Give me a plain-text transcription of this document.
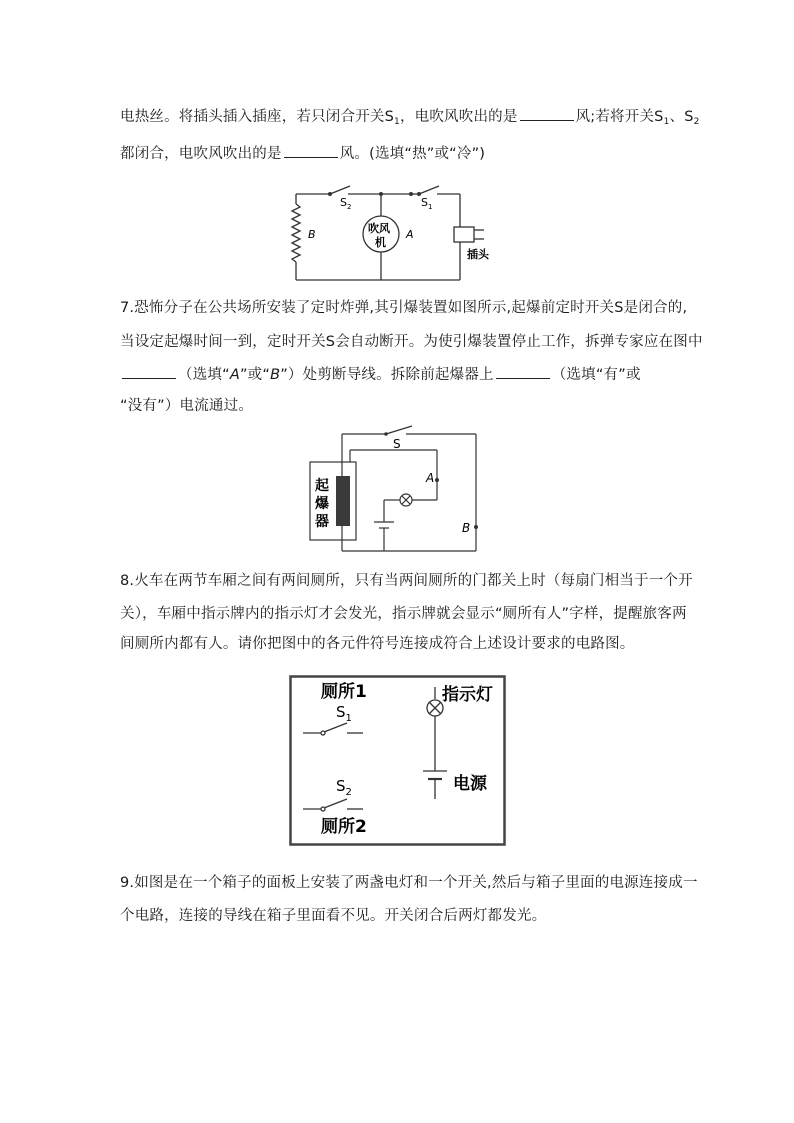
电热丝。将插头插入插座，若只闭合开关$S_1$，电吹风吹出的是	风;若将开关$S_1$、$S_2$
都闭合，电吹风吹出的是	风。(选填“热”或“冷”)
$S_2$	$S_1$
B	A
吹风
机
插头
7.恐怖分子在公共场所安装了定时炸弹,其引爆装置如图所示,起爆前定时开关S是闭合的,
当设定起爆时间一到，定时开关S会自动断开。为使引爆装置停止工作，拆弹专家应在图中
（选填“A”或“B”）处剪断导线。拆除前起爆器上	（选填“有”或
“没有”）电流通过。
S
A
B
起
爆
器
8.火车在两节车厢之间有两间厕所，只有当两间厕所的门都关上时（每扇门相当于一个开
关），车厢中指示牌内的指示灯才会发光，指示牌就会显示“厕所有人”字样，提醒旅客两
间厕所内都有人。请你把图中的各元件符号连接成符合上述设计要求的电路图。
厕所1
$S_1$
$S_2$
厕所2
指示灯
电源
9.如图是在一个箱子的面板上安装了两盏电灯和一个开关,然后与箱子里面的电源连接成一
个电路，连接的导线在箱子里面看不见。开关闭合后两灯都发光。
